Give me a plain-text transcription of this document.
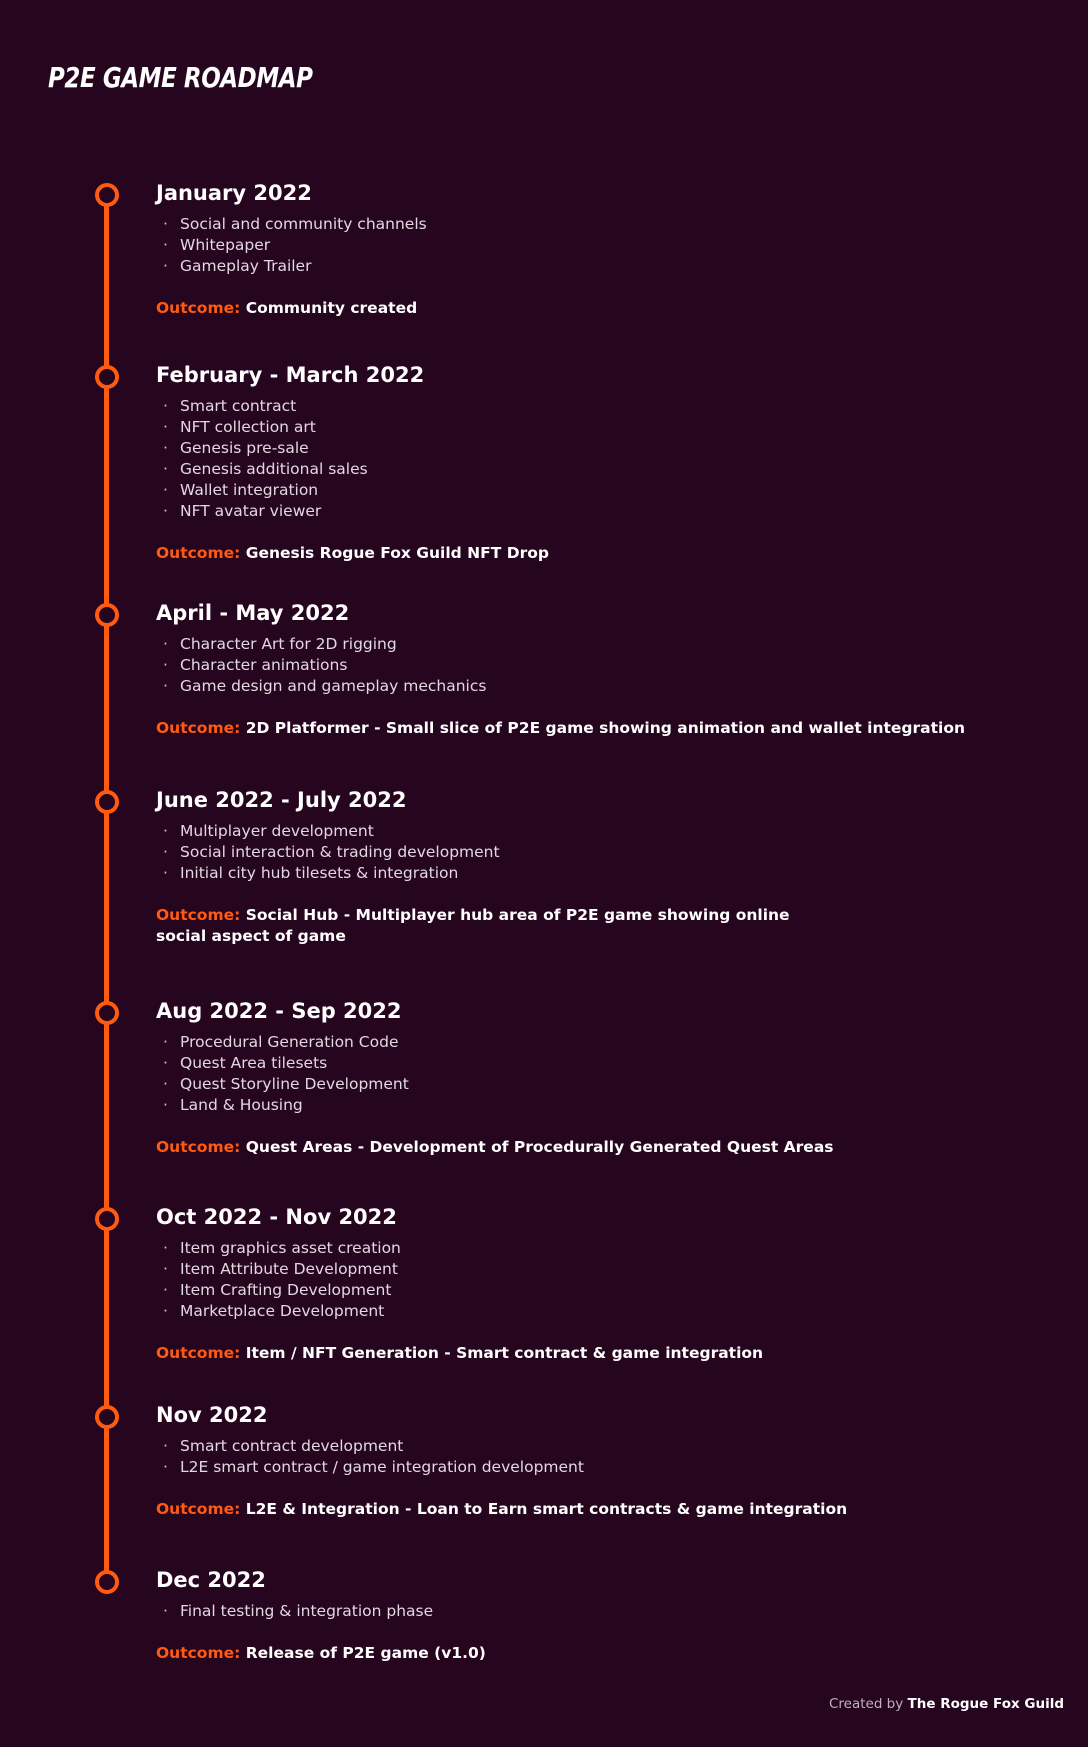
P2E GAME ROADMAP
January 2022
· Social and community channels
· Whitepaper
· Gameplay Trailer

Outcome: Community created

February - March 2022
· Smart contract
· NFT collection art
· Genesis pre-sale
· Genesis additional sales
· Wallet integration
· NFT avatar viewer

Outcome: Genesis Rogue Fox Guild NFT Drop

April - May 2022
· Character Art for 2D rigging
· Character animations
· Game design and gameplay mechanics

Outcome: 2D Platformer - Small slice of P2E game showing animation and wallet integration

June 2022 - July 2022
· Multiplayer development
· Social interaction & trading development
· Initial city hub tilesets & integration

Outcome: Social Hub - Multiplayer hub area of P2E game showing online
social aspect of game

Aug 2022 - Sep 2022
· Procedural Generation Code
· Quest Area tilesets
· Quest Storyline Development
· Land & Housing

Outcome: Quest Areas - Development of Procedurally Generated Quest Areas

Oct 2022 - Nov 2022
· Item graphics asset creation
· Item Attribute Development
· Item Crafting Development
· Marketplace Development

Outcome: Item / NFT Generation - Smart contract & game integration

Nov 2022
· Smart contract development
· L2E smart contract / game integration development

Outcome: L2E & Integration - Loan to Earn smart contracts & game integration

Dec 2022
· Final testing & integration phase

Outcome: Release of P2E game (v1.0)

Created by The Rogue Fox Guild
